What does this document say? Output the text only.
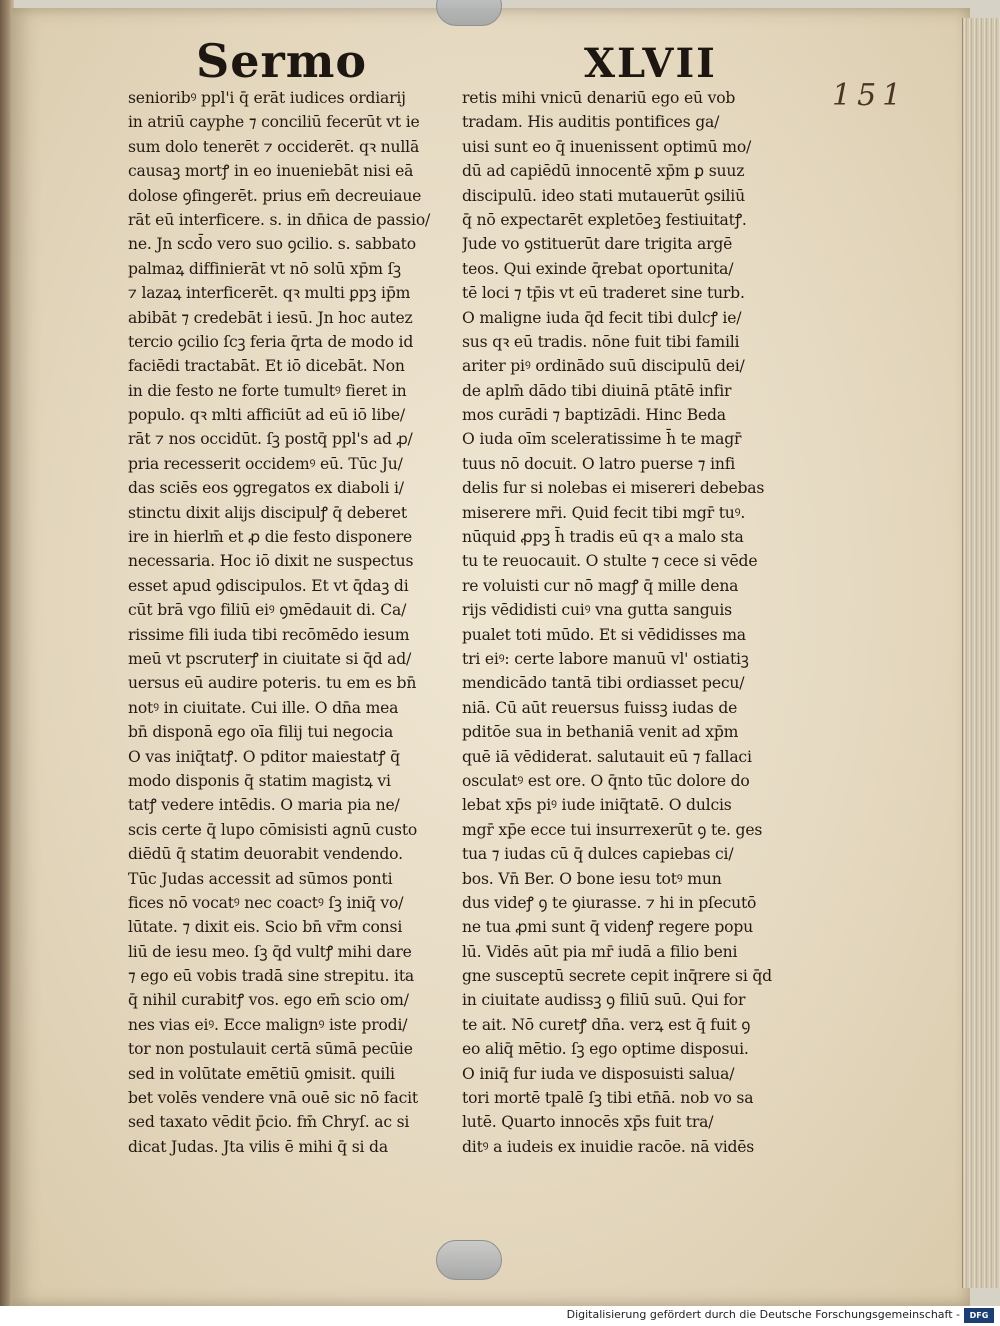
Sermo	XLVII
151
senioribꝰ ppl'i q̄ erāt iudices ordiarij
in atriū cayphe ⁊ conciliū fecerūt vt ie
sum dolo tenerēt ⁊ occiderēt. qꝛ nullā
causaꝫ mortꝭ in eo inueniebāt nisi eā
dolose ꝯfingerēt. prius em̄ decreuiaue
rāt eū interficere. s. in dn̄ica de passio/
ne. Jn scd̄o vero suo ꝯcilio. s. sabbato
palmaꝝ diffinierāt vt nō solū xp̄m ſꝫ
⁊ lazaꝝ interficerēt. qꝛ multi ꝑpꝫ ip̄m
abibāt ⁊ credebāt i iesū. Jn hoc autez
tercio ꝯcilio ſcꝫ feria q̄rta de modo id
faciēdi tractabāt. Et iō dicebāt. Non
in die festo ne forte tumultꝰ fieret in
populo. qꝛ mlti afficiūt ad eū iō libe/
rāt ⁊ nos occidūt. ſꝫ postq̄ ppl's ad ꝓ/
pria recesserit occidemꝰ eū. Tūc Ju/
das sciēs eos ꝯgregatos ex diaboli i/
stinctu dixit alijs discipulꝭ q̄ deberet
ire in hierlm̄ et ꝓ die festo disponere
necessaria. Hoc iō dixit ne suspectus
esset apud ꝯdiscipulos. Et vt q̄daꝫ di
cūt brā vgo filiū eiꝰ ꝯmēdauit di. Ca/
rissime fili iuda tibi recōmēdo iesum
meū vt pscruterꝭ in ciuitate si q̄d ad/
uersus eū audire poteris. tu em es bn̄
notꝰ in ciuitate. Cui ille. O dn̄a mea
bn̄ disponā ego oīa filij tui negocia
O vas iniq̄tatꝭ. O pditor maiestatꝭ q̄
modo disponis q̄ statim magistꝝ vi
tatꝭ vedere intēdis. O maria pia ne/
scis certe q̄ lupo cōmisisti agnū custo
diēdū q̄ statim deuorabit vendendo.
Tūc Judas accessit ad sūmos ponti
fices nō vocatꝰ nec coactꝰ ſꝫ iniq̄ vo/
lūtate. ⁊ dixit eis. Scio bn̄ vr̄m consi
liū de iesu meo. ſꝫ q̄d vultꝭ mihi dare
⁊ ego eū vobis tradā sine strepitu. ita
q̄ nihil curabitꝭ vos. ego em̄ scio om/
nes vias eiꝰ. Ecce malignꝰ iste prodi/
tor non postulauit certā sūmā pecūie
sed in volūtate emētiū ꝯmisit. quili
bet volēs vendere vnā ouē sic nō facit
sed taxato vēdit p̄cio. fm̄ Chryſ. ac si
dicat Judas. Jta vilis ē mihi q̄ si da
retis mihi vnicū denariū ego eū vob
tradam. His auditis pontifices ga/
uisi sunt eo q̄ inuenissent optimū mo/
dū ad capiēdū innocentē xp̄m ꝑ suuz
discipulū. ideo stati mutauerūt ꝯsiliū
q̄ nō expectarēt expletōeꝫ festiuitatꝭ.
Jude vo ꝯstituerūt dare trigita argē
teos. Qui exinde q̄rebat oportunita/
tē loci ⁊ tp̄is vt eū traderet sine turb.
O maligne iuda q̄d fecit tibi dulcꝭ ie/
sus qꝛ eū tradis. nōne fuit tibi famili
ariter piꝰ ordinādo suū discipulū dei/
de aplm̄ dādo tibi diuinā ptātē infir
mos curādi ⁊ baptizādi. Hinc Beda
O iuda oīm sceleratissime h̄ te magr̄
tuus nō docuit. O latro puerse ⁊ infi
delis fur si nolebas ei misereri debebas
miserere mr̄i. Quid fecit tibi mgr̄ tuꝰ.
nūquid ꝓpꝫ h̄ tradis eū qꝛ a malo sta
tu te reuocauit. O stulte ⁊ cece si vēde
re voluisti cur nō magꝭ q̄ mille dena
rijs vēdidisti cuiꝰ vna gutta sanguis
pualet toti mūdo. Et si vēdidisses ma
tri eiꝰ: certe labore manuū vl' ostiatiꝫ
mendicādo tantā tibi ordiasset pecu/
niā. Cū aūt reuersus fuissꝫ iudas de
pditōe sua in bethaniā venit ad xp̄m
quē iā vēdiderat. salutauit eū ⁊ fallaci
osculatꝰ est ore. O q̄nto tūc dolore do
lebat xp̄s piꝰ iude iniq̄tatē. O dulcis
mgr̄ xp̄e ecce tui insurrexerūt ꝯ te. ges
tua ⁊ iudas cū q̄ dulces capiebas ci/
bos. Vn̄ Ber. O bone iesu totꝰ mun
dus videꝭ ꝯ te ꝯiurasse. ⁊ hi in pſecutō
ne tua ꝓmi sunt q̄ videnꝭ regere popu
lū. Vidēs aūt pia mr̄ iudā a filio beni
gne susceptū secrete cepit inq̄rere si q̄d
in ciuitate audissꝫ ꝯ filiū suū. Qui for
te ait. Nō curetꝭ dn̄a. verꝝ est q̄ fuit ꝯ
eo aliq̄ mētio. ſꝫ ego optime disposui.
O iniq̄ fur iuda ve disposuisti salua/
tori mortē tpalē ſꝫ tibi etn̄ā. nob vo sa
lutē. Quarto innocēs xp̄s fuit tra/
ditꝰ a iudeis ex inuidie racōe. nā vidēs
Digitalisierung gefördert durch die Deutsche Forschungsgemeinschaft -	DFG
